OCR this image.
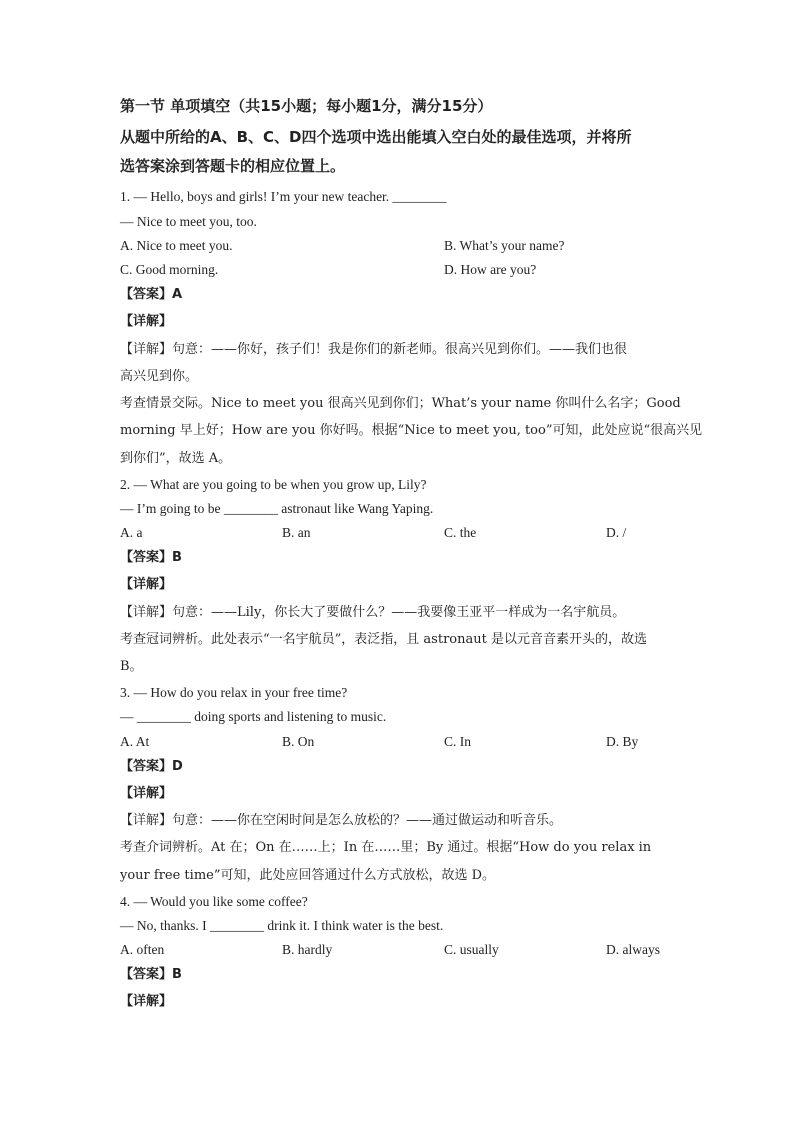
第一节 单项填空（共15小题；每小题1分，满分15分）
从题中所给的A、B、C、D四个选项中选出能填入空白处的最佳选项，并将所
选答案涂到答题卡的相应位置上。
1. — Hello, boys and girls! I’m your new teacher. ________
— Nice to meet you, too.
A. Nice to meet you.	B. What’s your name?
C. Good morning.	D. How are you?
【答案】A
【详解】
【详解】句意：——你好，孩子们！我是你们的新老师。很高兴见到你们。——我们也很
高兴见到你。
考查情景交际。Nice to meet you 很高兴见到你们；What’s your name 你叫什么名字；Good
morning 早上好；How are you 你好吗。根据“Nice to meet you, too”可知，此处应说“很高兴见
到你们”，故选 A。
2. — What are you going to be when you grow up, Lily?
— I’m going to be ________ astronaut like Wang Yaping.
A. a	B. an	C. the	D. /
【答案】B
【详解】
【详解】句意：——Lily，你长大了要做什么？——我要像王亚平一样成为一名宇航员。
考查冠词辨析。此处表示“一名宇航员”，表泛指，且 astronaut 是以元音音素开头的，故选
B。
3. — How do you relax in your free time?
— ________ doing sports and listening to music.
A. At	B. On	C. In	D. By
【答案】D
【详解】
【详解】句意：——你在空闲时间是怎么放松的？——通过做运动和听音乐。
考查介词辨析。At 在；On 在……上；In 在……里；By 通过。根据“How do you relax in
your free time”可知，此处应回答通过什么方式放松，故选 D。
4. — Would you like some coffee?
— No, thanks. I ________ drink it. I think water is the best.
A. often	B. hardly	C. usually	D. always
【答案】B
【详解】
